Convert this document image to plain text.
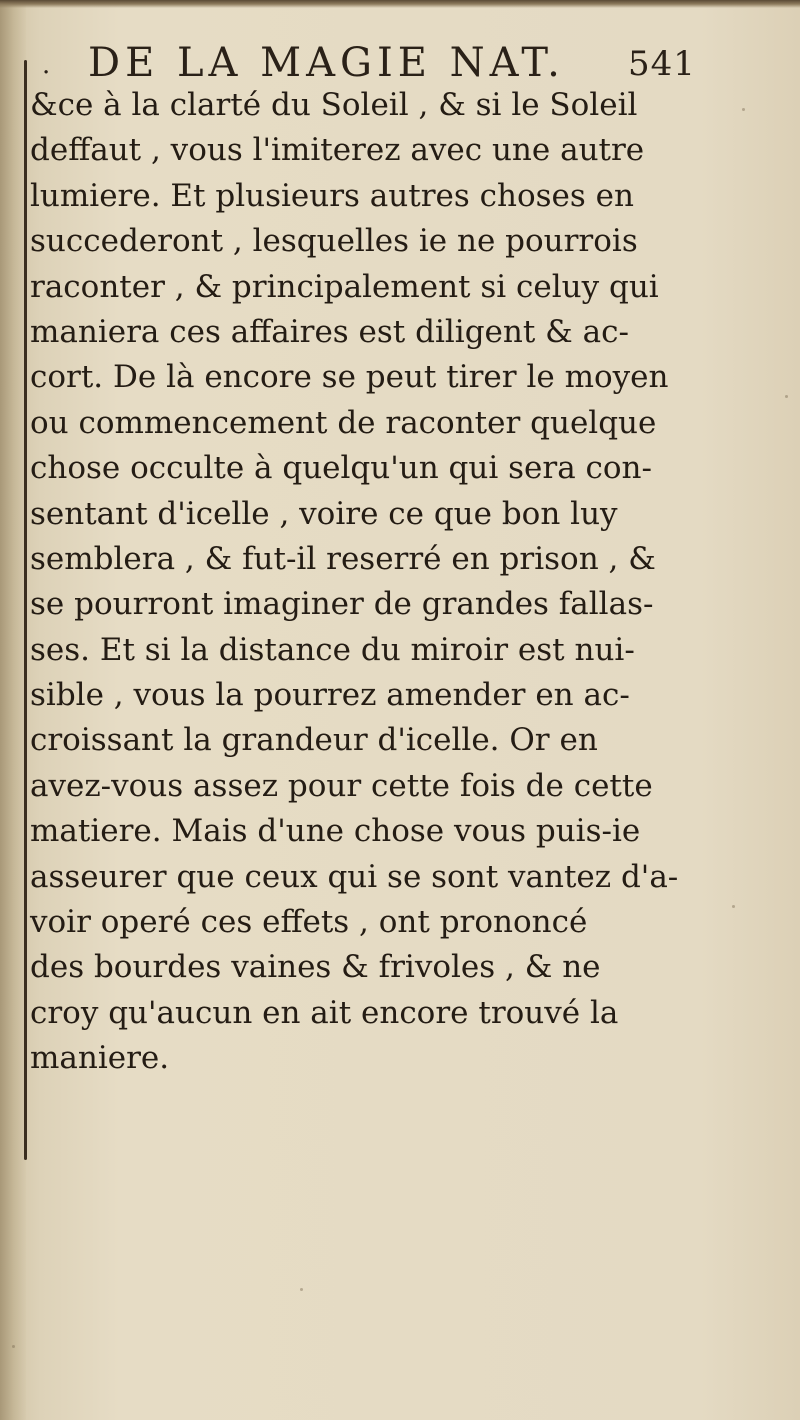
· DE LA MAGIE NAT. 541
&ce à la clarté du Soleil , & si le Soleil
deffaut , vous l'imiterez avec une autre
lumiere. Et plusieurs autres choses en
succederont , lesquelles ie ne pourrois
raconter , & principalement si celuy qui
maniera ces affaires est diligent & ac-
cort. De là encore se peut tirer le moyen
ou commencement de raconter quelque
chose occulte à quelqu'un qui sera con-
sentant d'icelle , voire ce que bon luy
semblera , & fut-il reserré en prison , &
se pourront imaginer de grandes fallas-
ses. Et si la distance du miroir est nui-
sible , vous la pourrez amender en ac-
croissant la grandeur d'icelle. Or en
avez-vous assez pour cette fois de cette
matiere. Mais d'une chose vous puis-ie
asseurer que ceux qui se sont vantez d'a-
voir operé ces effets , ont prononcé
des bourdes vaines & frivoles , & ne
croy qu'aucun en ait encore trouvé la
maniere.
